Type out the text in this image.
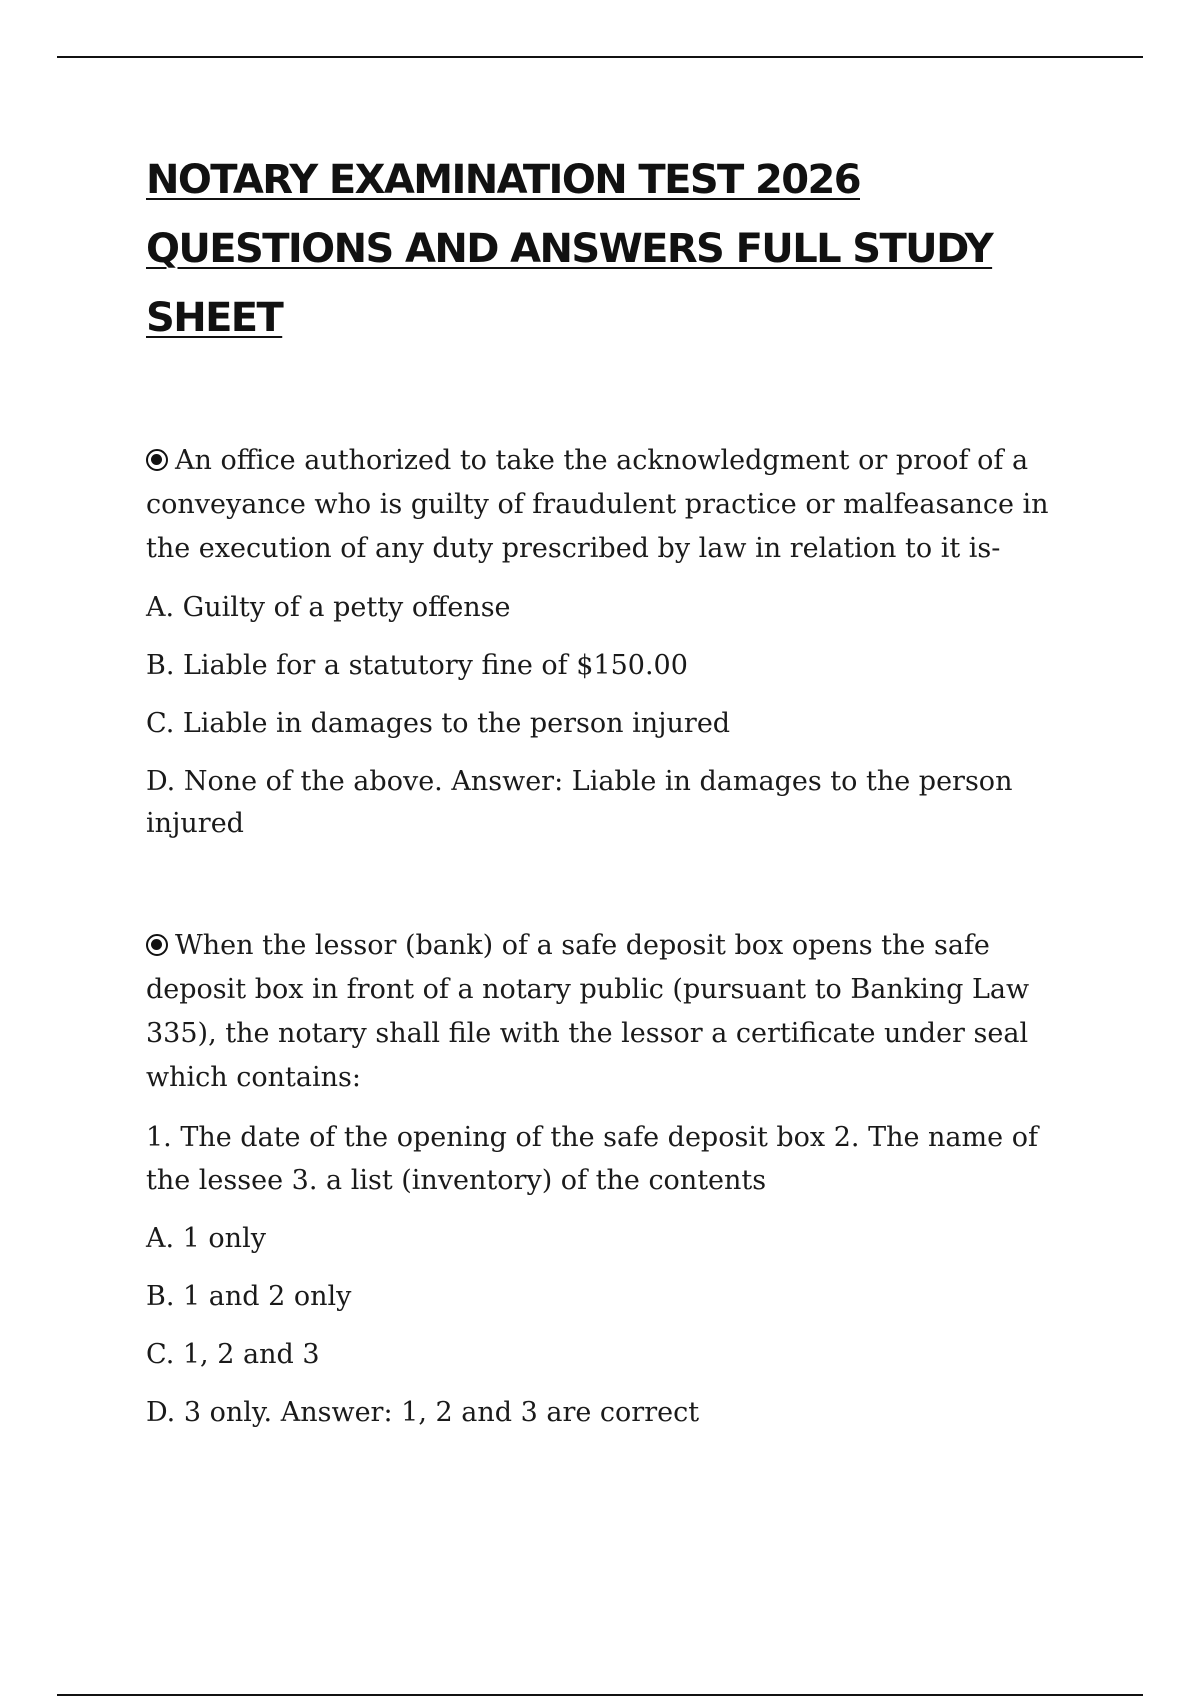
NOTARY EXAMINATION TEST 2026 QUESTIONS AND ANSWERS FULL STUDY SHEET

An office authorized to take the acknowledgment or proof of a conveyance who is guilty of fraudulent practice or malfeasance in the execution of any duty prescribed by law in relation to it is-

A. Guilty of a petty offense

B. Liable for a statutory fine of $150.00

C. Liable in damages to the person injured

D. None of the above. Answer: Liable in damages to the person injured

When the lessor (bank) of a safe deposit box opens the safe deposit box in front of a notary public (pursuant to Banking Law 335), the notary shall file with the lessor a certificate under seal which contains:

1. The date of the opening of the safe deposit box 2. The name of the lessee 3. a list (inventory) of the contents

A. 1 only

B. 1 and 2 only

C. 1, 2 and 3

D. 3 only. Answer: 1, 2 and 3 are correct
